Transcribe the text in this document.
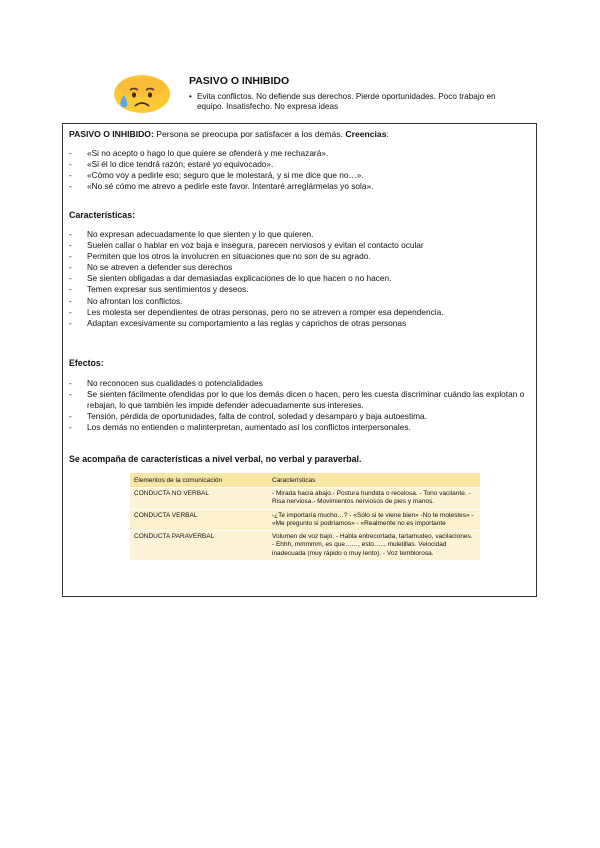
PASIVO O INHIBIDO
• Evita conflictos. No defiende sus derechos. Pierde oportunidades. Poco trabajo en equipo. Insatisfecho. No expresa ideas
PASIVO O INHIBIDO: Persona se preocupa por satisfacer a los demás. Creencias:
- «Si no acepto o hago lo que quiere se ofenderá y me rechazará».
- «Si él lo dice tendrá razón; estaré yo equivocado».
- «Cómo voy a pedirle eso; seguro que le molestará, y si me dice que no…».
- «No sé cómo me atrevo a pedirle este favor. Intentaré arreglármelas yo sola».
Características:
- No expresan adecuadamente lo que sienten y lo que quieren.
- Suelen callar o hablar en voz baja e insegura, parecen nerviosos y evitan el contacto ocular
- Permiten que los otros la involucren en situaciones que no son de su agrado.
- No se atreven a defender sus derechos
- Se sienten obligadas a dar demasiadas explicaciones de lo que hacen o no hacen.
- Temen expresar sus sentimientos y deseos.
- No afrontan los conflictos.
- Les molesta ser dependientes de otras personas, pero no se atreven a romper esa dependencia.
- Adaptan excesivamente su comportamiento a las reglas y caprichos de otras personas
Efectos:
- No reconocen sus cualidades o potencialidades
- Se sienten fácilmente ofendidas por lo que los demás dicen o hacen, pero les cuesta discriminar cuándo las explotan o rebajan, lo que también les impide defender adecuadamente sus intereses.
- Tensión, pérdida de oportunidades, falta de control, soledad y desamparo y baja autoestima.
- Los demás no entienden o malinterpretan, aumentado así los conflictos interpersonales.
Se acompaña de características a nivel verbal, no verbal y paraverbal.
Elementos de la comunicación	Características
CONDUCTA NO VERBAL	- Mirada hacia abajo.- Postura hundida o recelosa. - Tono vacilante. - Risa nerviosa.- Movimientos nerviosos de pies y manos.
CONDUCTA VERBAL	-¿Te importaría mucho…? - «Sólo si te viene bien» -No te molestes» - «Me pregunto si podríamos» - «Realmente no es importante
CONDUCTA PARAVERBAL	Volumen de voz bajo. - Habla entrecortada, tartamudeo, vacilaciones. - Ehhh, mmmmm, es que……, esto….., muletillas. Velocidad inadecuada (muy rápido o muy lento). - Voz temblorosa.
